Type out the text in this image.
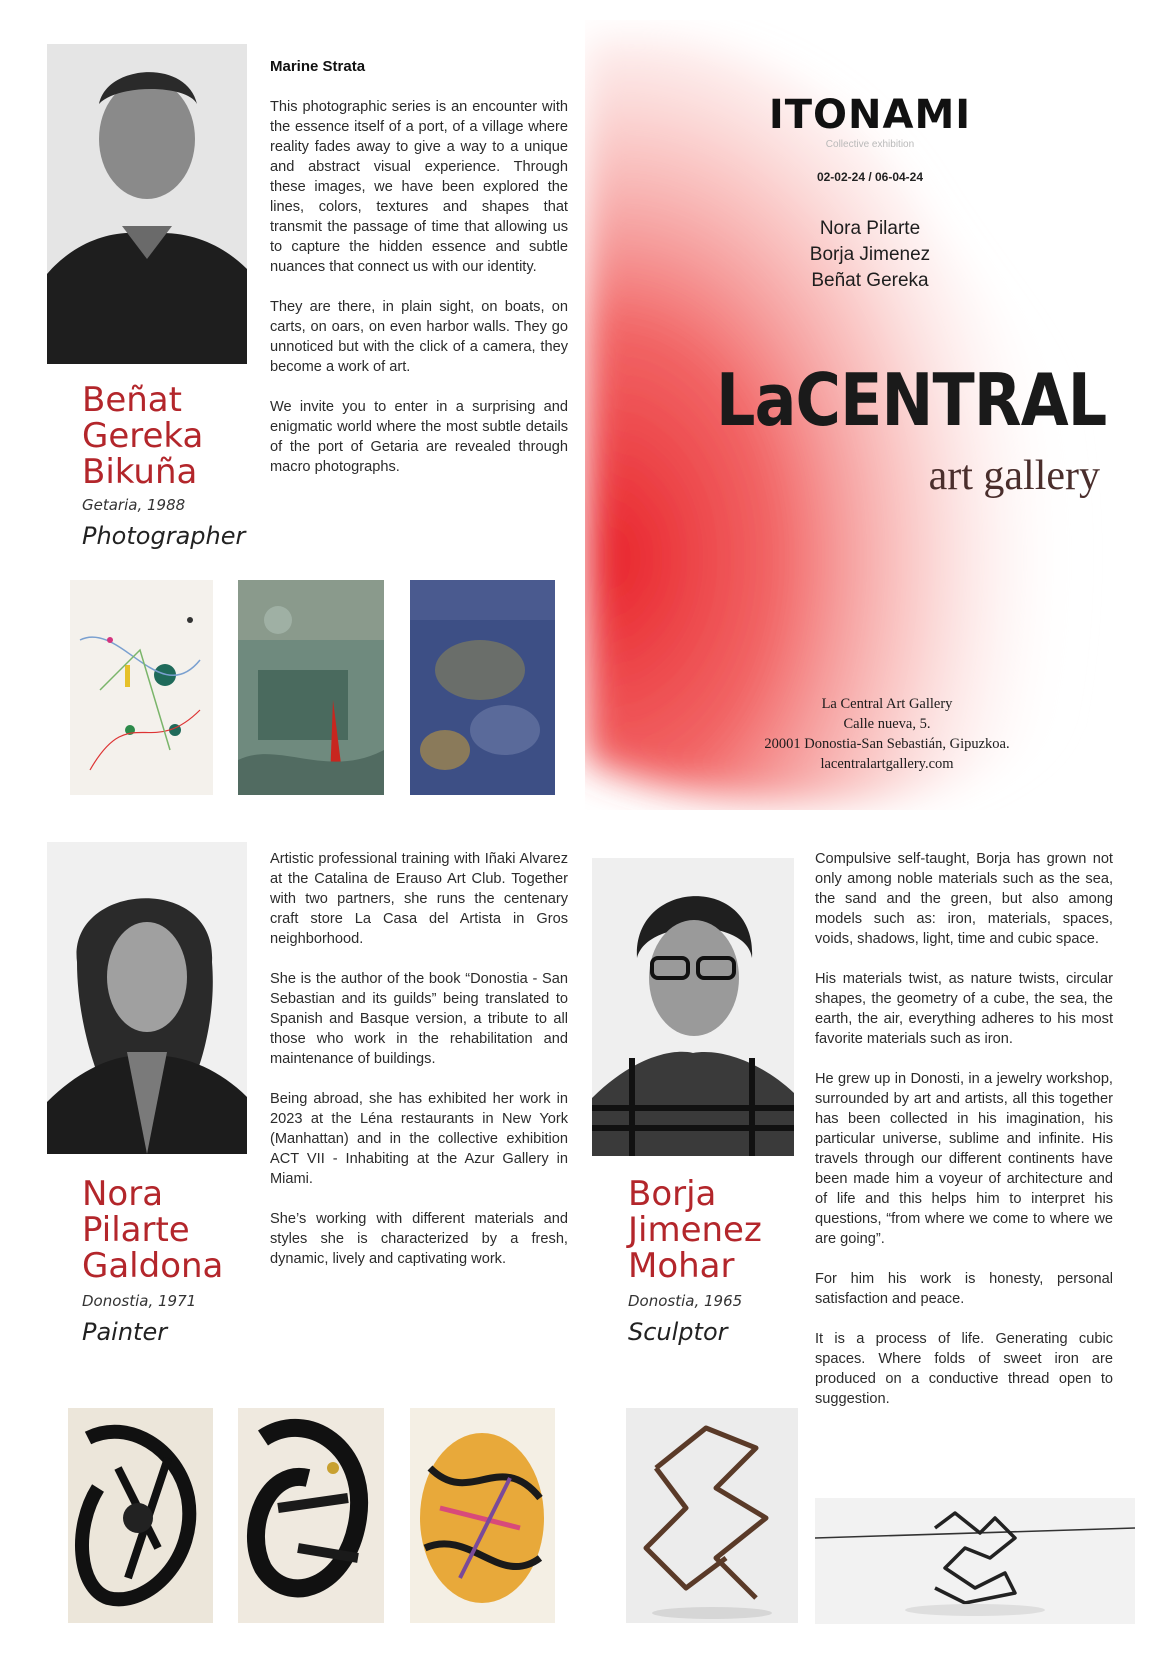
ITONAMI
Collective exhibition
02-02-24 / 06-04-24
Nora Pilarte
Borja Jimenez
Beñat Gereka
LaCENTRAL
art gallery
La Central Art Gallery
Calle nueva, 5.
20001 Donostia-San Sebastián, Gipuzkoa.
lacentralartgallery.com
Marine Strata

This photographic series is an encounter with the essence itself of a port, of a village where reality fades away to give a way to a unique and abstract visual experience. Through these images, we have been explored the lines, colors, textures and shapes that transmit the passage of time that allowing us to capture the hidden essence and subtle nuances that connect us with our identity.

They are there, in plain sight, on boats, on carts, on oars, on even harbor walls. They go unnoticed but with the click of a camera, they become a work of art.

We invite you to enter in a surprising and enigmatic world where the most subtle details of the port of Getaria are revealed through macro photographs.

Beñat
Gereka
Bikuña
Getaria, 1988
Photographer

Artistic professional training with Iñaki Alvarez at the Catalina de Erauso Art Club. Together with two partners, she runs the centenary craft store La Casa del Artista in Gros neighborhood.

She is the author of the book “Donostia - San Sebastian and its guilds” being translated to Spanish and Basque version, a tribute to all those who work in the rehabilitation and maintenance of buildings.

Being abroad, she has exhibited her work in 2023 at the Léna restaurants in New York (Manhattan) and in the collective exhibition ACT VII - Inhabiting at the Azur Gallery in Miami.

She’s working with different materials and styles she is characterized by a fresh, dynamic, lively and captivating work.

Nora
Pilarte
Galdona
Donostia, 1971
Painter
Borja
Jimenez
Mohar
Donostia, 1965
Sculptor

Compulsive self-taught, Borja has grown not only among noble materials such as the sea, the sand and the green, but also among models such as: iron, materials, spaces, voids, shadows, light, time and cubic space.

His materials twist, as nature twists, circular shapes, the geometry of a cube, the sea, the earth, the air, everything adheres to his most favorite materials such as iron.

He grew up in Donosti, in a jewelry workshop, surrounded by art and artists, all this together has been collected in his imagination, his particular universe, sublime and infinite. His travels through our different continents have been made him a voyeur of architecture and of life and this helps him to interpret his questions, “from where we come to where we are going”.

For him his work is honesty, personal satisfaction and peace.

It is a process of life. Generating cubic spaces. Where folds of sweet iron are produced on a conductive thread open to suggestion.
